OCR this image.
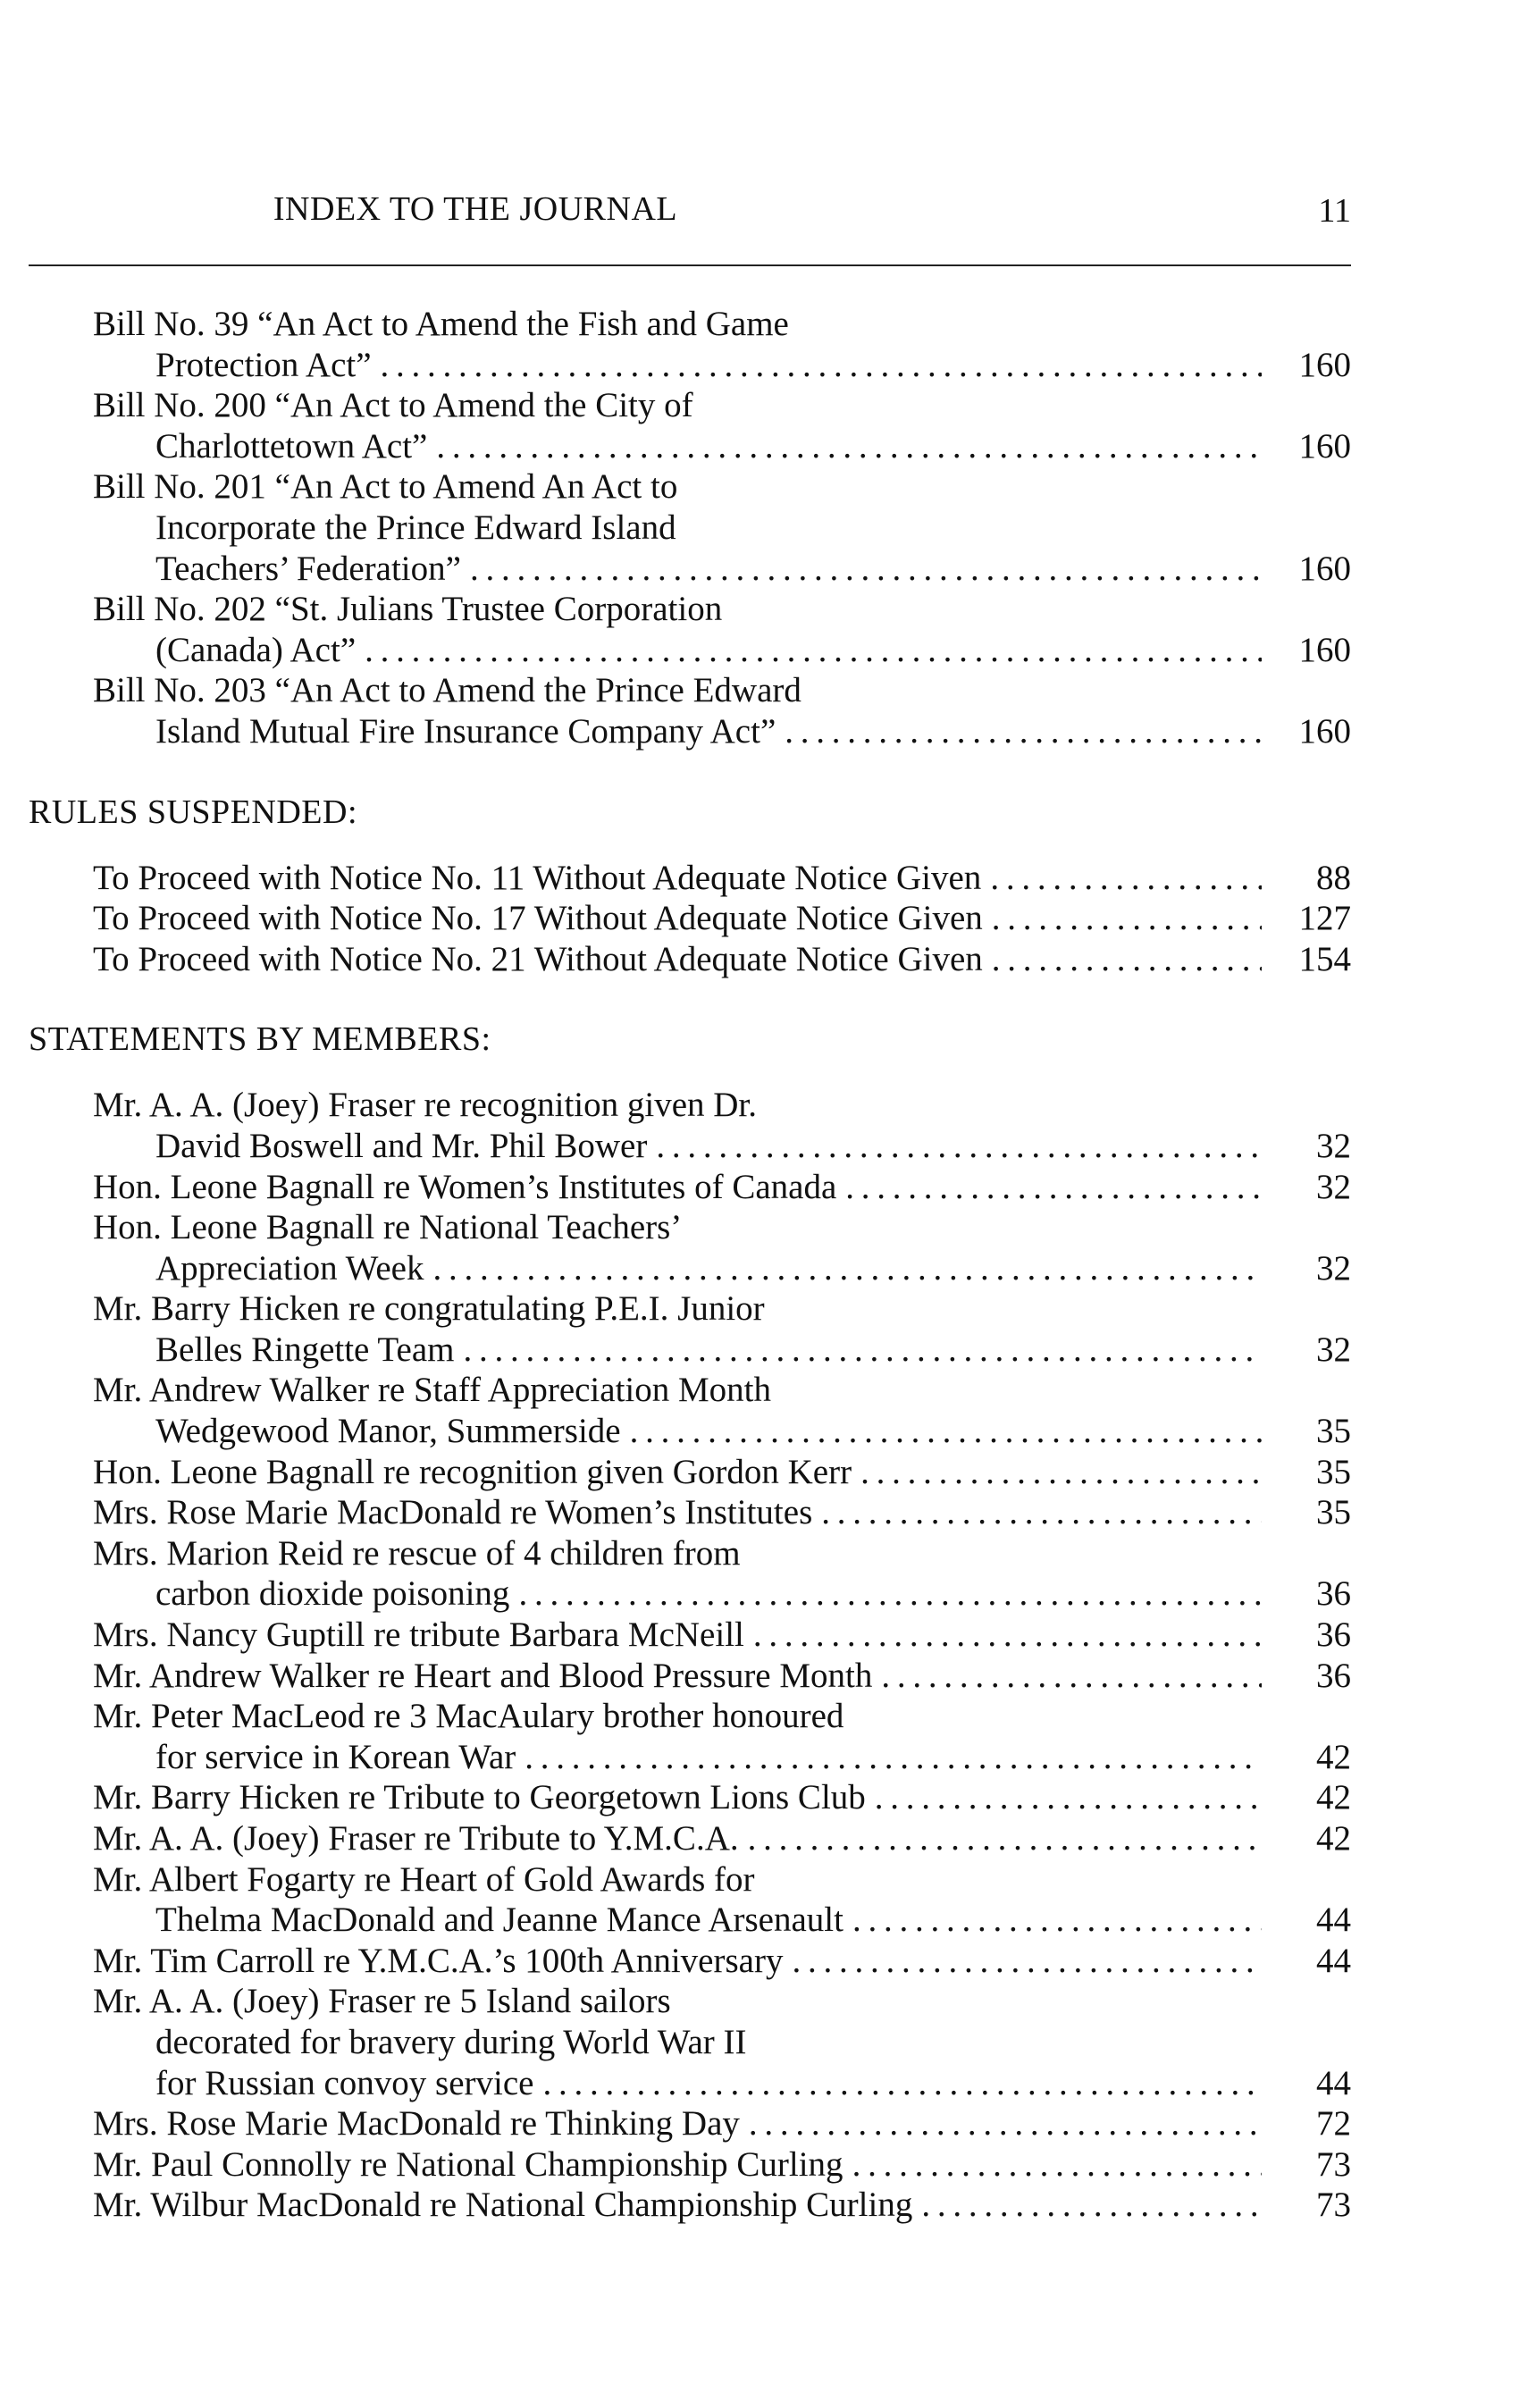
INDEX TO THE JOURNAL	11
Bill No. 39 “An Act to Amend the Fish and Game
Protection Act” . . .	160
Bill No. 200 “An Act to Amend the City of
Charlottetown Act” . . .	160
Bill No. 201 “An Act to Amend An Act to
Incorporate the Prince Edward Island
Teachers’ Federation” . . .	160
Bill No. 202 “St. Julians Trustee Corporation
(Canada) Act” . . .	160
Bill No. 203 “An Act to Amend the Prince Edward
Island Mutual Fire Insurance Company Act” . . .	160
RULES SUSPENDED:
To Proceed with Notice No. 11 Without Adequate Notice Given . . .	88
To Proceed with Notice No. 17 Without Adequate Notice Given . . .	127
To Proceed with Notice No. 21 Without Adequate Notice Given . . .	154
STATEMENTS BY MEMBERS:
Mr. A. A. (Joey) Fraser re recognition given Dr.
David Boswell and Mr. Phil Bower . . .	32
Hon. Leone Bagnall re Women’s Institutes of Canada . . .	32
Hon. Leone Bagnall re National Teachers’
Appreciation Week . . .	32
Mr. Barry Hicken re congratulating P.E.I. Junior
Belles Ringette Team . . .	32
Mr. Andrew Walker re Staff Appreciation Month
Wedgewood Manor, Summerside . . .	35
Hon. Leone Bagnall re recognition given Gordon Kerr . . .	35
Mrs. Rose Marie MacDonald re Women’s Institutes . . .	35
Mrs. Marion Reid re rescue of 4 children from
carbon dioxide poisoning . . .	36
Mrs. Nancy Guptill re tribute Barbara McNeill . . .	36
Mr. Andrew Walker re Heart and Blood Pressure Month . . .	36
Mr. Peter MacLeod re 3 MacAulary brother honoured
for service in Korean War . . .	42
Mr. Barry Hicken re Tribute to Georgetown Lions Club . . .	42
Mr. A. A. (Joey) Fraser re Tribute to Y.M.C.A. . . .	42
Mr. Albert Fogarty re Heart of Gold Awards for
Thelma MacDonald and Jeanne Mance Arsenault . . .	44
Mr. Tim Carroll re Y.M.C.A.’s 100th Anniversary . . .	44
Mr. A. A. (Joey) Fraser re 5 Island sailors
decorated for bravery during World War II
for Russian convoy service . . .	44
Mrs. Rose Marie MacDonald re Thinking Day . . .	72
Mr. Paul Connolly re National Championship Curling . . .	73
Mr. Wilbur MacDonald re National Championship Curling . . .	73
